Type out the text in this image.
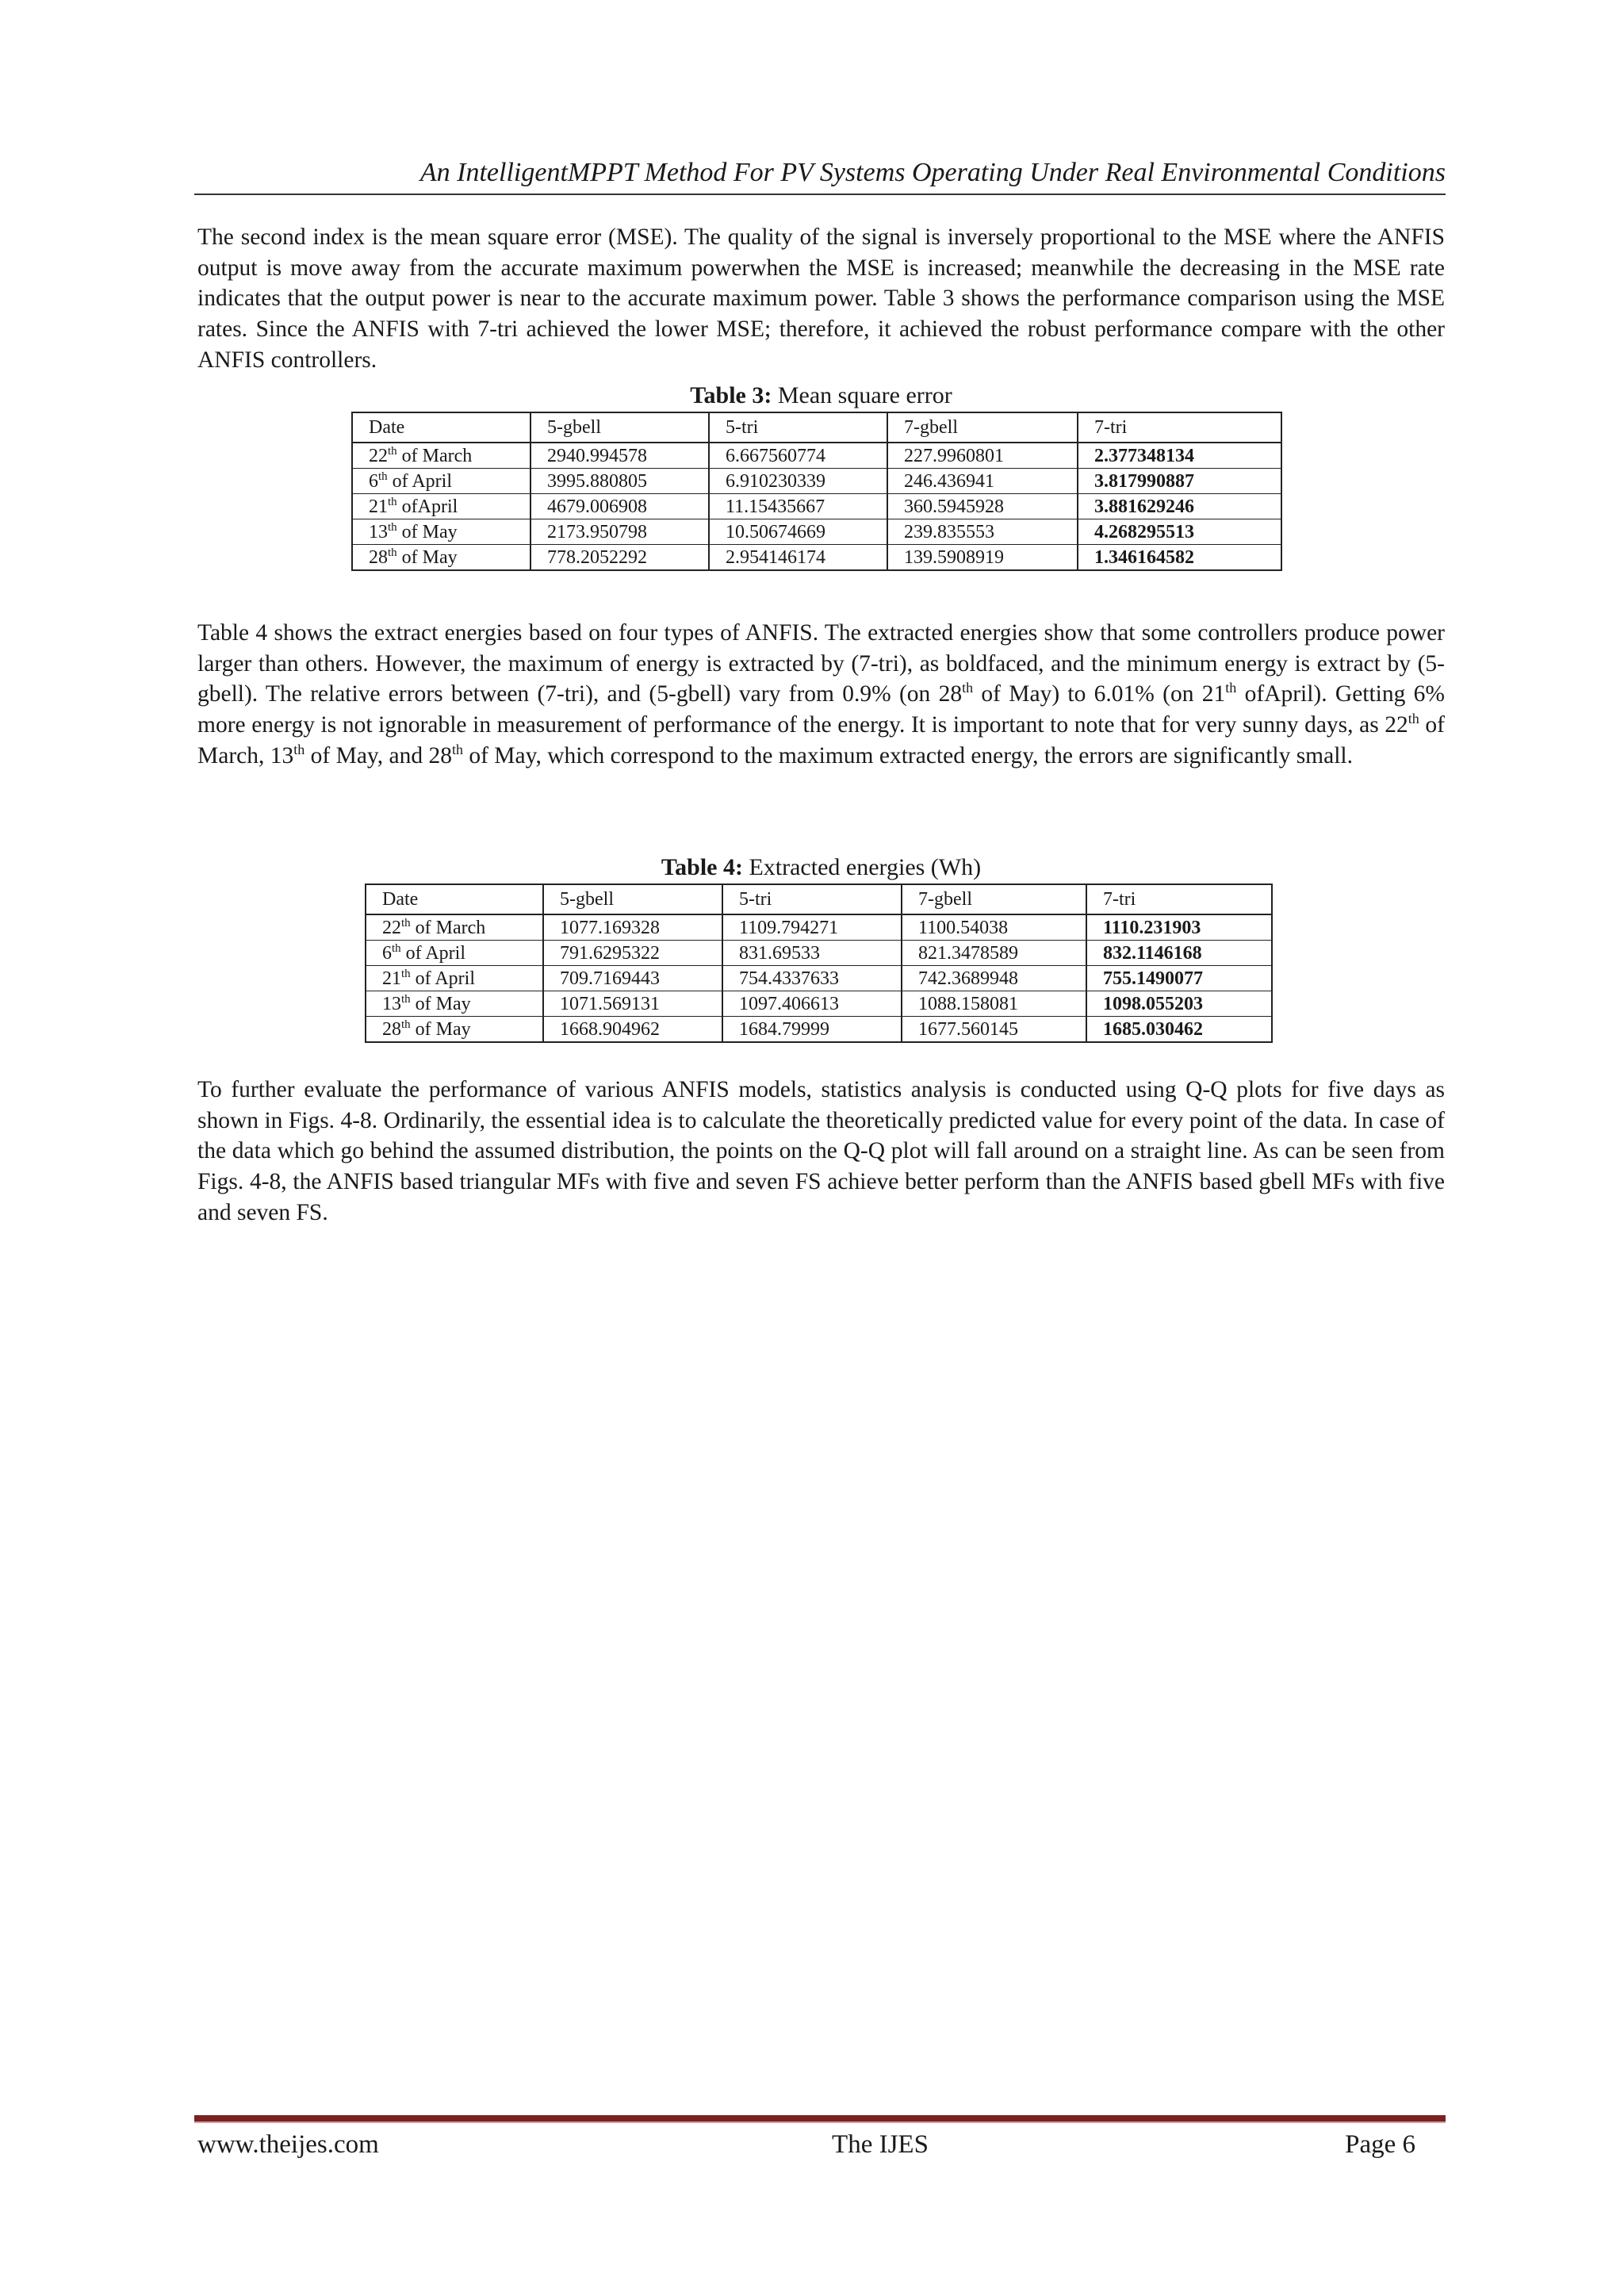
An IntelligentMPPT Method For PV Systems Operating Under Real Environmental Conditions

The second index is the mean square error (MSE). The quality of the signal is inversely proportional to the MSE where the ANFIS output is move away from the accurate maximum powerwhen the MSE is increased; meanwhile the decreasing in the MSE rate indicates that the output power is near to the accurate maximum power. Table 3 shows the performance comparison using the MSE rates. Since the ANFIS with 7-tri achieved the lower MSE; therefore, it achieved the robust performance compare with the other ANFIS controllers.

Table 3: Mean square error
Date	5-gbell	5-tri	7-gbell	7-tri
22th of March	2940.994578	6.667560774	227.9960801	2.377348134
6th of April	3995.880805	6.910230339	246.436941	3.817990887
21th ofApril	4679.006908	11.15435667	360.5945928	3.881629246
13th of May	2173.950798	10.50674669	239.835553	4.268295513
28th of May	778.2052292	2.954146174	139.5908919	1.346164582

Table 4 shows the extract energies based on four types of ANFIS. The extracted energies show that some controllers produce power larger than others. However, the maximum of energy is extracted by (7-tri), as boldfaced, and the minimum energy is extract by (5-gbell). The relative errors between (7-tri), and (5-gbell) vary from 0.9% (on 28th of May) to 6.01% (on 21th ofApril). Getting 6% more energy is not ignorable in measurement of performance of the energy. It is important to note that for very sunny days, as 22th of March, 13th of May, and 28th of May, which correspond to the maximum extracted energy, the errors are significantly small.

Table 4: Extracted energies (Wh)
Date	5-gbell	5-tri	7-gbell	7-tri
22th of March	1077.169328	1109.794271	1100.54038	1110.231903
6th of April	791.6295322	831.69533	821.3478589	832.1146168
21th of April	709.7169443	754.4337633	742.3689948	755.1490077
13th of May	1071.569131	1097.406613	1088.158081	1098.055203
28th of May	1668.904962	1684.79999	1677.560145	1685.030462

To further evaluate the performance of various ANFIS models, statistics analysis is conducted using Q-Q plots for five days as shown in Figs. 4-8. Ordinarily, the essential idea is to calculate the theoretically predicted value for every point of the data. In case of the data which go behind the assumed distribution, the points on the Q-Q plot will fall around on a straight line. As can be seen from Figs. 4-8, the ANFIS based triangular MFs with five and seven FS achieve better perform than the ANFIS based gbell MFs with five and seven FS.

www.theijes.com	The IJES	Page 6
